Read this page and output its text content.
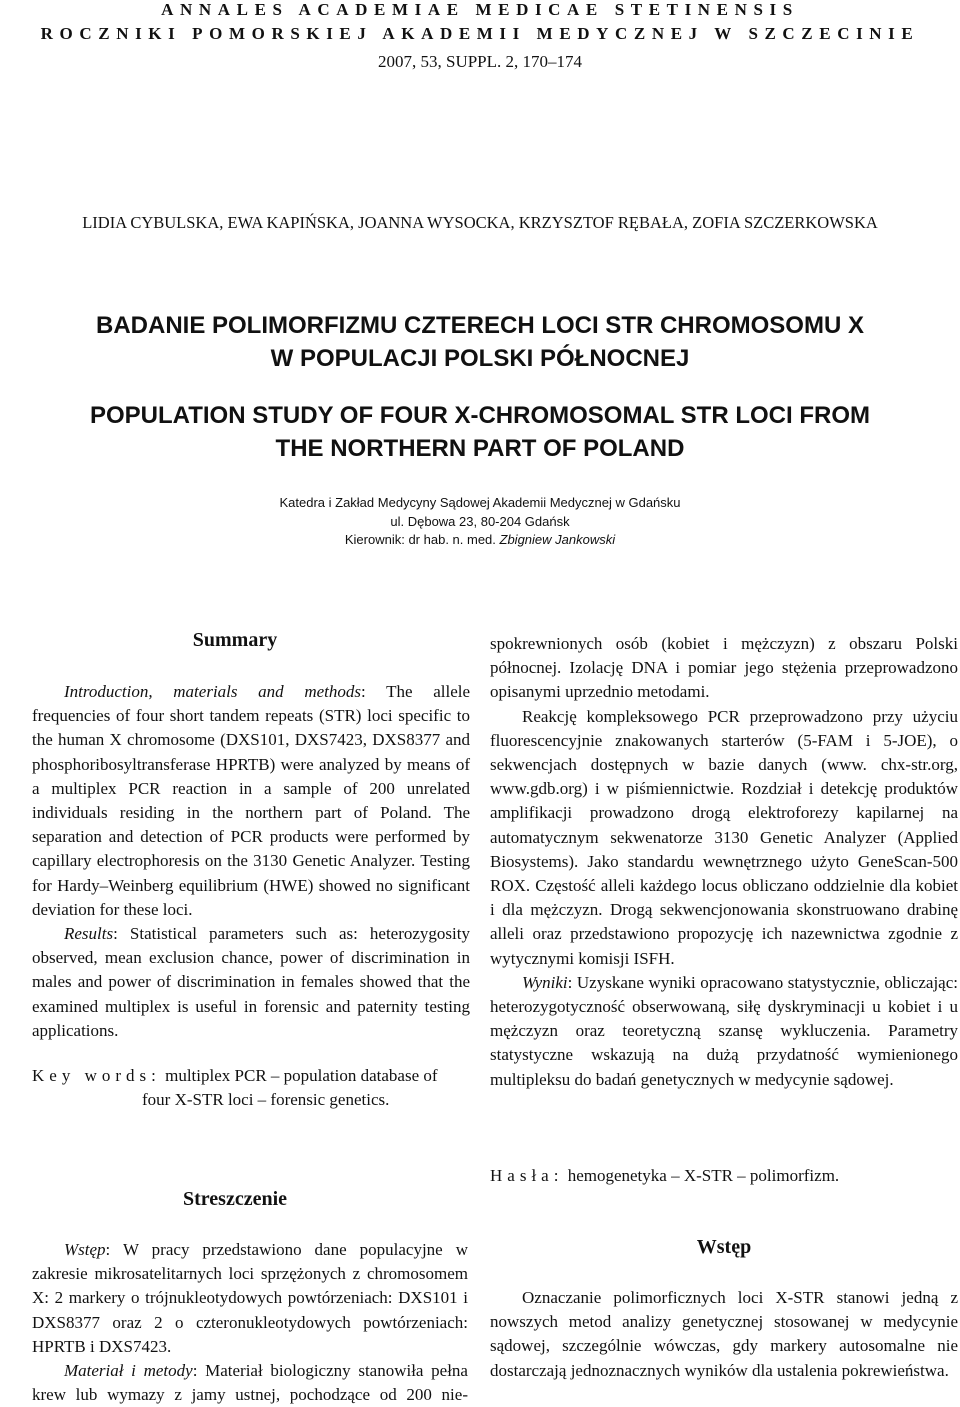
ANNALES ACADEMIAE MEDICAE STETINENSIS
ROCZNIKI POMORSKIEJ AKADEMII MEDYCZNEJ W SZCZECINIE
2007, 53, SUPPL. 2, 170–174
LIDIA CYBULSKA, EWA KAPIŃSKA, JOANNA WYSOCKA, KRZYSZTOF RĘBAŁA, ZOFIA SZCZERKOWSKA
BADANIE POLIMORFIZMU CZTERECH LOCI STR CHROMOSOMU X
W POPULACJI POLSKI PÓŁNOCNEJ
POPULATION STUDY OF FOUR X-CHROMOSOMAL STR LOCI FROM
THE NORTHERN PART OF POLAND
Katedra i Zakład Medycyny Sądowej Akademii Medycznej w Gdańsku
ul. Dębowa 23, 80-204 Gdańsk
Kierownik: dr hab. n. med. Zbigniew Jankowski
Summary

Introduction, materials and methods: The allele frequencies of four short tandem repeats (STR) loci specific to the human X chromosome (DXS101, DXS7423, DXS8377 and phosphoribosyltransferase HPRTB) were analyzed by means of a multiplex PCR reaction in a sample of 200 unrelated individuals residing in the northern part of Poland. The separation and detection of PCR products were performed by capillary electrophoresis on the 3130 Genetic Analyzer. Testing for Hardy–Weinberg equilibrium (HWE) showed no significant deviation for these loci.

Results: Statistical parameters such as: heterozygosity observed, mean exclusion chance, power of discrimination in males and power of discrimination in females showed that the examined multiplex is useful in forensic and paternity testing applications.

Key words: multiplex PCR – population database of
four X-STR loci – forensic genetics.
Streszczenie

Wstęp: W pracy przedstawiono dane populacyjne w zakresie mikrosatelitarnych loci sprzężonych z chromosomem X: 2 markery o trójnukleotydowych powtórzeniach: DXS101 i DXS8377 oraz 2 o czteronukleotydowych powtórzeniach: HPRTB i DXS7423.

Materiał i metody: Materiał biologiczny stanowiła pełna krew lub wymazy z jamy ustnej, pochodzące od 200 nie-

spokrewnionych osób (kobiet i mężczyzn) z obszaru Polski północnej. Izolację DNA i pomiar jego stężenia przeprowadzono opisanymi uprzednio metodami.

Reakcję kompleksowego PCR przeprowadzono przy użyciu fluorescencyjnie znakowanych starterów (5-FAM i 5-JOE), o sekwencjach dostępnych w bazie danych (www. chx-str.org, www.gdb.org) i w piśmiennictwie. Rozdział i detekcję produktów amplifikacji prowadzono drogą elektroforezy kapilarnej na automatycznym sekwenatorze 3130 Genetic Analyzer (Applied Biosystems). Jako standardu wewnętrznego użyto GeneScan-500 ROX. Częstość alleli każdego locus obliczano oddzielnie dla kobiet i dla mężczyzn. Drogą sekwencjonowania skonstruowano drabinę alleli oraz przedstawiono propozycję ich nazewnictwa zgodnie z wytycznymi komisji ISFH.

Wyniki: Uzyskane wyniki opracowano statystycznie, obliczając: heterozygotyczność obserwowaną, siłę dyskryminacji u kobiet i u mężczyzn oraz teoretyczną szansę wykluczenia. Parametry statystyczne wskazują na dużą przydatność wymienionego multipleksu do badań genetycznych w medycynie sądowej.

Hasła: hemogenetyka – X-STR – polimorfizm.
Wstęp

Oznaczanie polimorficznych loci X-STR stanowi jedną z nowszych metod analizy genetycznej stosowanej w medycynie sądowej, szczególnie wówczas, gdy markery autosomalne nie dostarczają jednoznacznych wyników dla ustalenia pokrewieństwa.
